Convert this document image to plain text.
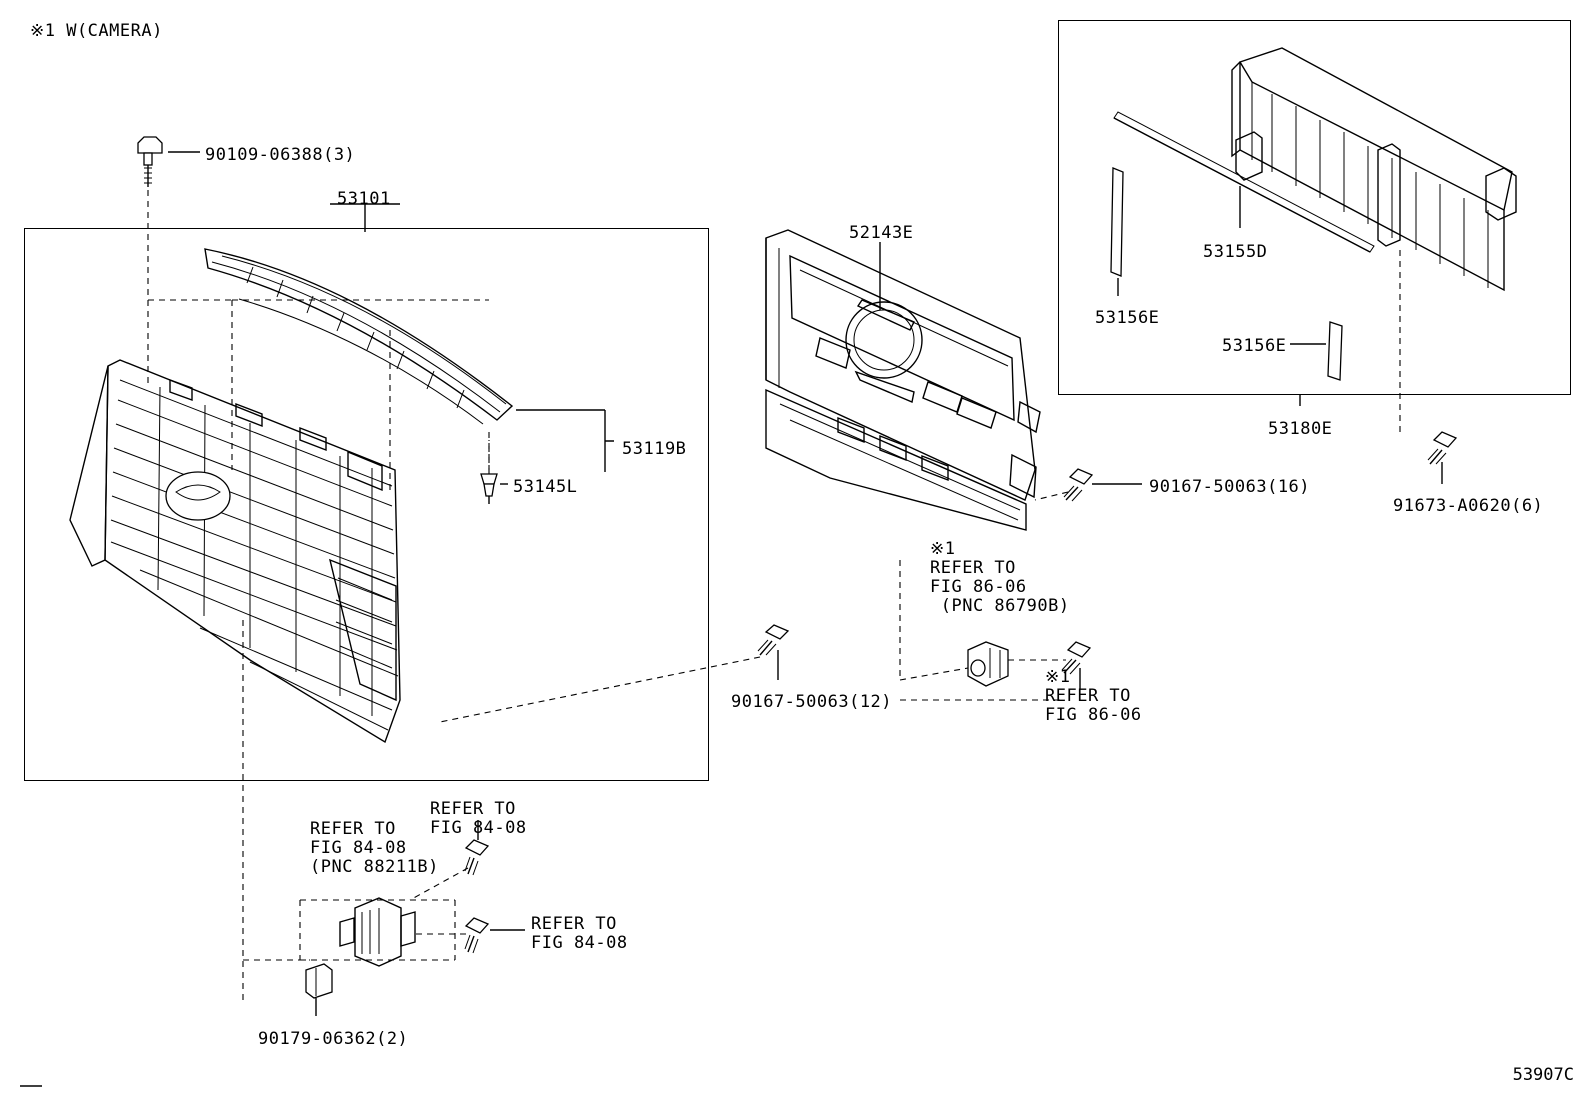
※1 W(CAMERA)
90109-06388(3)
53101
53119B
53145L
52143E
53155D
53156E
53156E
53180E
91673-A0620(6)
90167-50063(16)
90167-50063(12)
90179-06362(2)
※1
REFER TO
FIG 86-06
(PNC 86790B)
※1
REFER TO
FIG 86-06
REFER TO
FIG 84-08
(PNC 88211B)
REFER TO
FIG 84-08
REFER TO
FIG 84-08
53907C
